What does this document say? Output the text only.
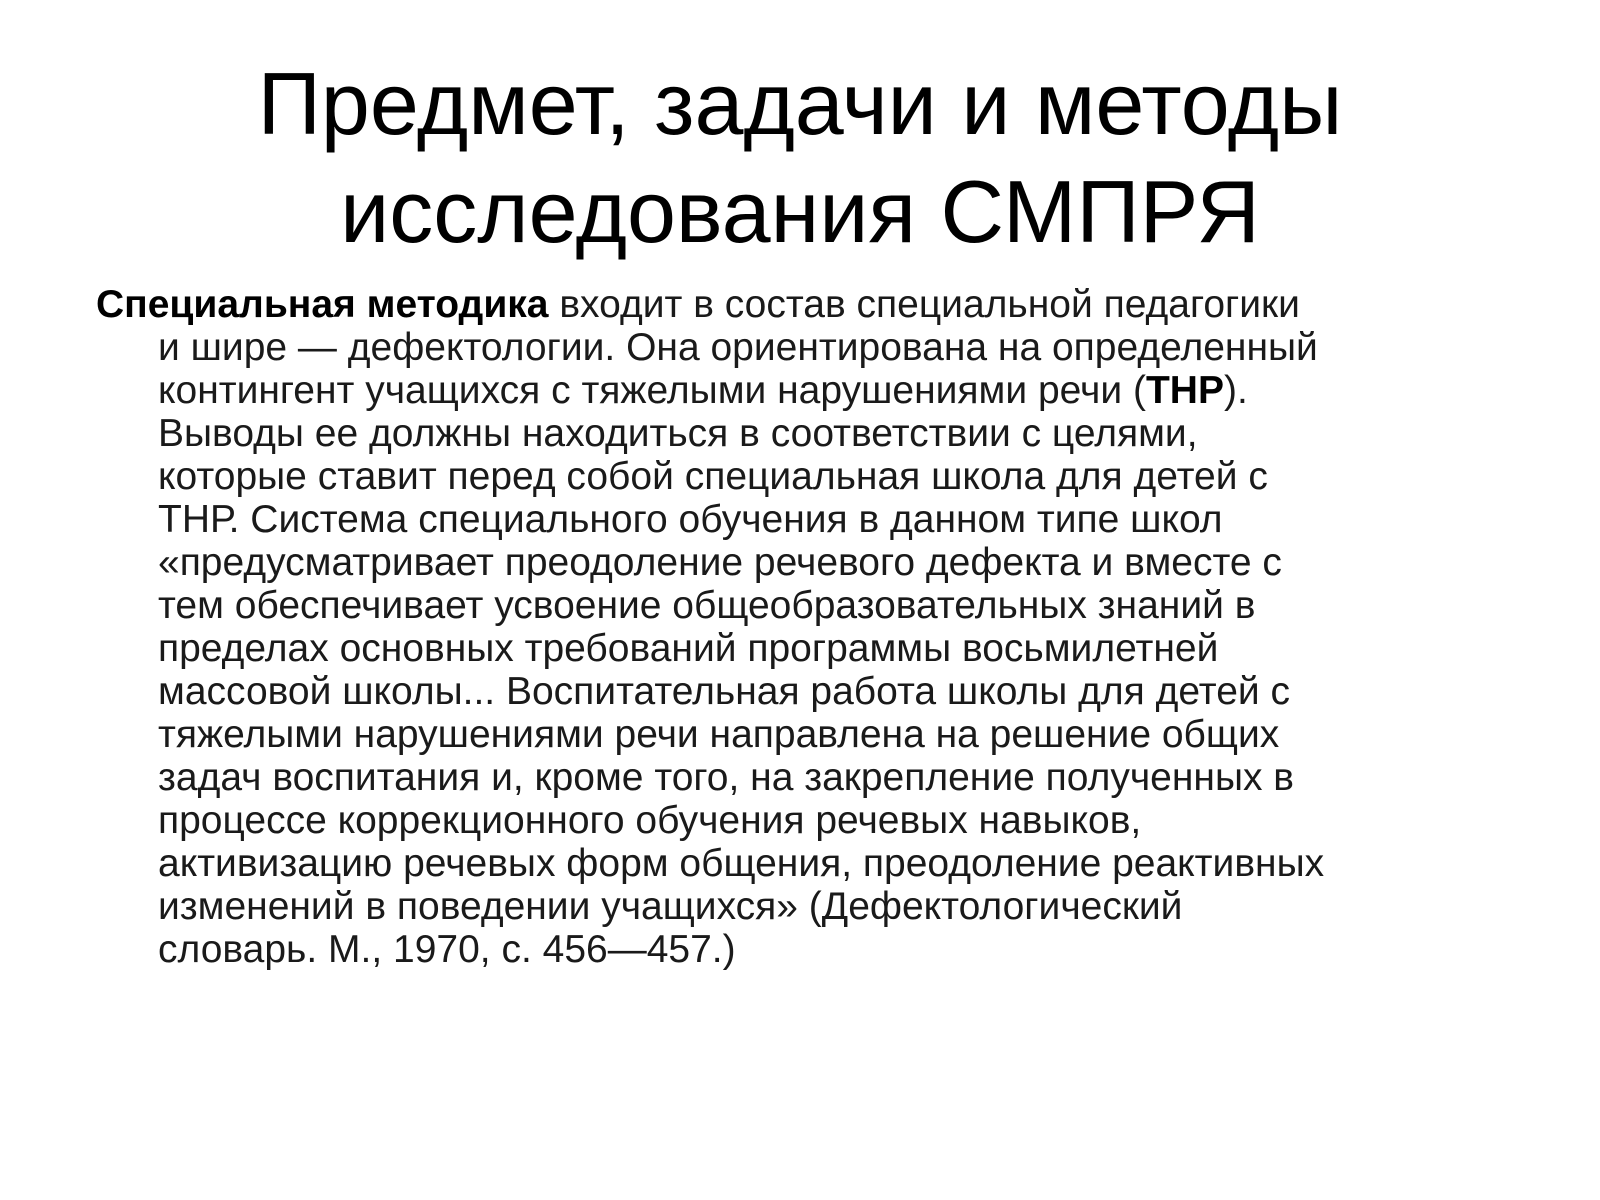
Предмет, задачи и методы
исследования СМПРЯ
Специальная методика входит в состав специальной педагогики
и шире — дефектологии. Она ориентирована на определенный
контингент учащихся с тяжелыми нарушениями речи (ТНР).
Выводы ее должны находиться в соответствии с целями,
которые ставит перед собой специальная школа для детей с
ТНР. Система специального обучения в данном типе школ
«предусматривает преодоление речевого дефекта и вместе с
тем обеспечивает усвоение общеобразовательных знаний в
пределах основных требований программы восьмилетней
массовой школы... Воспитательная работа школы для детей с
тяжелыми нарушениями речи направлена на решение общих
задач воспитания и, кроме того, на закрепление полученных в
процессе коррекционного обучения речевых навыков,
активизацию речевых форм общения, преодоление реактивных
изменений в поведении учащихся» (Дефектологический
словарь. М., 1970, с. 456—457.)
